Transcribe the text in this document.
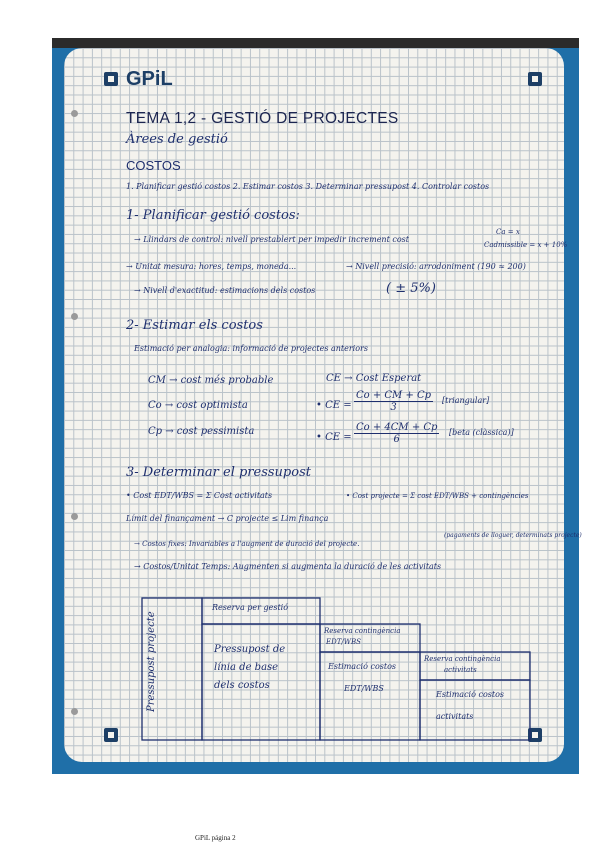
GPiL
TEMA 1,2 - GESTIÓ DE PROJECTES
Àrees de gestió
COSTOS
1. Planificar gestió costos 2. Estimar costos 3. Determinar pressupost 4. Controlar costos
1- Planificar gestió costos:
→ Llindars de control: nivell prestablert per impedir increment cost
Ca = x
Cadmissible = x + 10%
→ Unitat mesura: hores, temps, moneda...	→ Nivell precisió: arrodoniment (190 ≈ 200)
→ Nivell d'exactitud: estimacions dels costos	( ± 5%)
2- Estimar els costos
Estimació per analogia: informació de projectes anteriors
CM → cost més probable
Co → cost optimista
Cp → cost pessimista
CE → Cost Esperat
• CE = $\frac{Co + CM + Cp}{3}$ [triangular]
• CE = $\frac{Co + 4CM + Cp}{6}$ [beta (clàssica)]
3- Determinar el pressupost
• Cost EDT/WBS = Σ Cost activitats	• Cost projecte = Σ cost EDT/WBS + contingències
Límit del finançament → C projecte ≤ Lim finança
→ Costos fixes: Invariables a l'augment de duració del projecte.
(pagaments de lloguer, determinats projecte)
→ Costos/Unitat Temps: Augmenten si augmenta la duració de les activitats
Pressupost projecte
Reserva per gestió
Pressupost de
línia de base
dels costos
Reserva contingència
EDT/WBS
Estimació costos
EDT/WBS
Reserva contingència
activitats
Estimació costos
activitats
GPiL página 2
